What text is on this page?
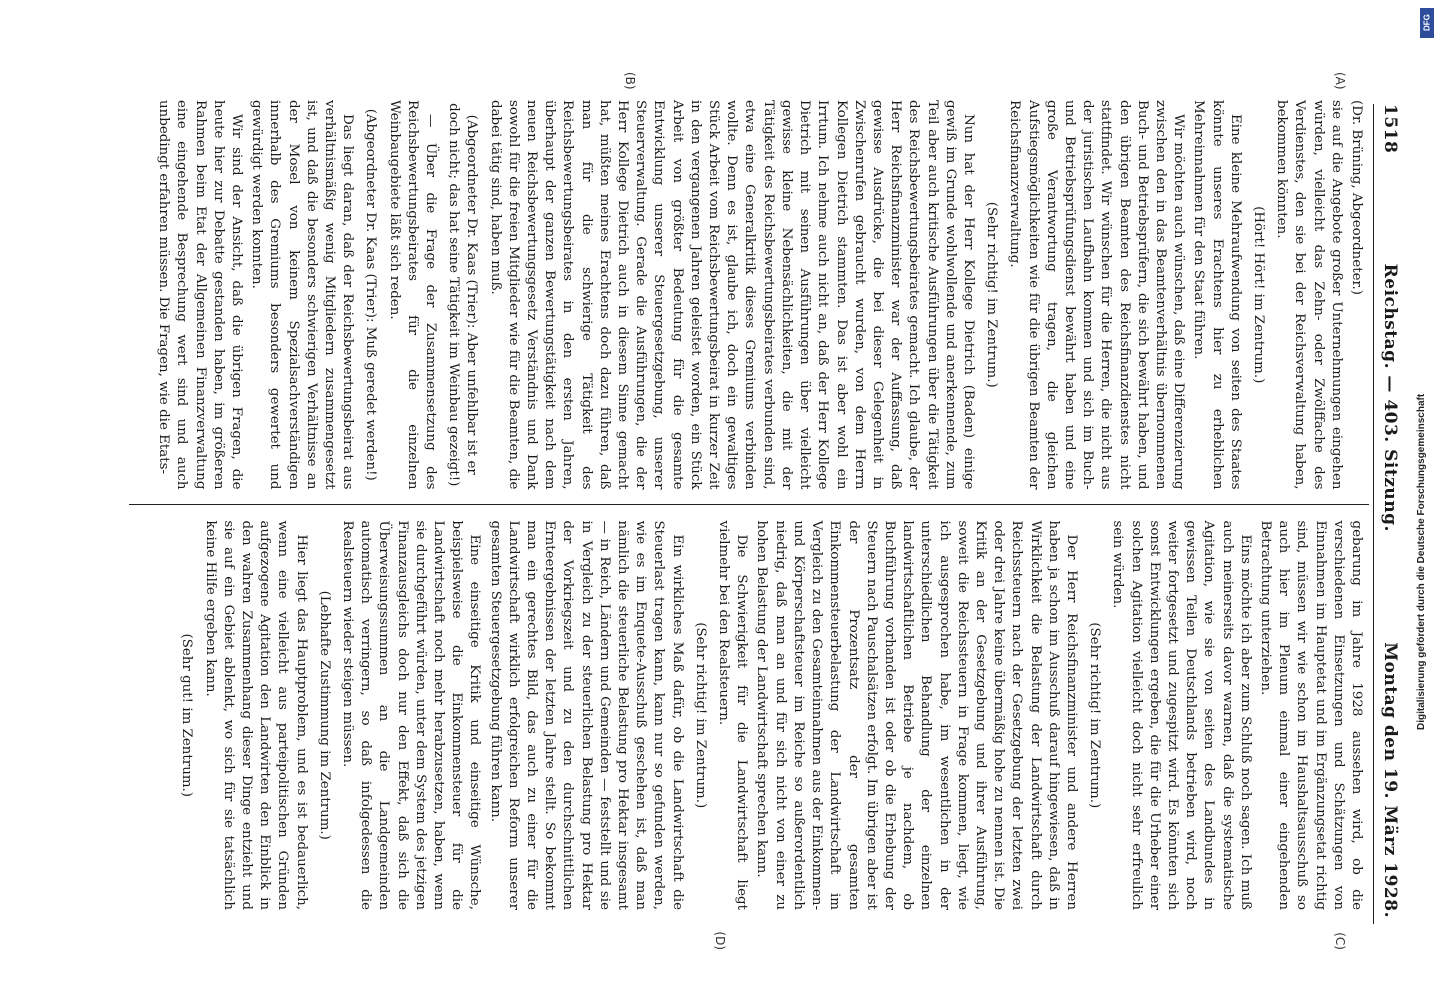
1518
Reichstag. — 403. Sitzung.
Montag den 19. März 1928.
(A)
(B)

(Dr. Brüning, Abgeordneter.)

sie auf die Angebote großer Unternehmungen eingehen würden, vielleicht das Zehn- oder Zwölffache des Verdienstes, den sie bei der Reichsverwaltung haben, bekommen könnten.

(Hört! Hört! im Zentrum.)

Eine kleine Mehraufwendung von seiten des Staates könnte unseres Erachtens hier zu erheblichen Mehreinnahmen für den Staat führen.

Wir möchten auch wünschen, daß eine Differenzierung zwischen den in das Beamtenverhältnis übernommenen Buch- und Betriebsprüfern, die sich bewährt haben, und den übrigen Beamten des Reichsfinanzdienstes nicht stattfindet. Wir wünschen für die Herren, die nicht aus der juristischen Laufbahn kommen und sich im Buch- und Betriebsprüfungsdienst bewährt haben und eine große Verantwortung tragen, die gleichen Aufstiegsmöglichkeiten wie für die übrigen Beamten der Reichsfinanzverwaltung.

(Sehr richtig! im Zentrum.)

Nun hat der Herr Kollege Dietrich (Baden) einige gewiß im Grunde wohlwollende und anerkennende, zum Teil aber auch kritische Ausführungen über die Tätigkeit des Reichsbewertungsbeirates gemacht. Ich glaube, der Herr Reichsfinanzminister war der Auffassung, daß gewisse Ausdrücke, die bei dieser Gelegenheit in Zwischenrufen gebraucht wurden, von dem Herrn Kollegen Dietrich stammten. Das ist aber wohl ein Irrtum. Ich nehme auch nicht an, daß der Herr Kollege Dietrich mit seinen Ausführungen über vielleicht gewisse kleine Nebensächlichkeiten, die mit der Tätigkeit des Reichsbewertungsbeirates verbunden sind, etwa eine Generalkritik dieses Gremiums verbinden wollte. Denn es ist, glaube ich, doch ein gewaltiges Stück Arbeit vom Reichsbewertungsbeirat in kurzer Zeit in den vergangenen Jahren geleistet worden, ein Stück Arbeit von größter Bedeutung für die gesamte Entwicklung unserer Steuergesetzgebung, unserer Steuerverwaltung. Gerade die Ausführungen, die der Herr Kollege Dietrich auch in diesem Sinne gemacht hat, müßten meines Erachtens doch dazu führen, daß man für die schwierige Tätigkeit des Reichsbewertungsbeirates in den ersten Jahren, überhaupt der ganzen Bewertungstätigkeit nach dem neuen Reichsbewertungsgesetz Verständnis und Dank sowohl für die freien Mitglieder wie für die Beamten, die dabei tätig sind, haben muß.

(Abgeordneter Dr. Kaas (Trier): Aber unfehlbar ist er doch nicht; das hat seine Tätigkeit im Weinbau gezeigt!)

— Über die Frage der Zusammensetzung des Reichsbewertungsbeirates für die einzelnen Weinbaugebiete läßt sich reden.

(Abgeordneter Dr. Kaas (Trier): Muß geredet werden!)

Das liegt daran, daß der Reichsbewertungsbeirat aus verhältnismäßig wenig Mitgliedern zusammengesetzt ist, und daß die besonders schwierigen Verhältnisse an der Mosel von keinem Spezialsachverständigen innerhalb des Gremiums besonders gewertet und gewürdigt werden konnten.

Wir sind der Ansicht, daß die übrigen Fragen, die heute hier zur Debatte gestanden haben, im größeren Rahmen beim Etat der Allgemeinen Finanzverwaltung eine eingehende Besprechung wert sind und auch unbedingt erfahren müssen. Die Fragen, wie die Etats-

(C)
(D)

gebarung im Jahre 1928 aussehen wird, ob die verschiedenen Einsetzungen und Schätzungen von Einnahmen im Hauptetat und im Ergänzungsetat richtig sind, müssen wir wie schon im Haushaltsausschuß so auch hier im Plenum einmal einer eingehenden Betrachtung unterziehen.

Eins möchte ich aber zum Schluß noch sagen. Ich muß auch meinerseits davor warnen, daß die systematische Agitation, wie sie von seiten des Landbundes in gewissen Teilen Deutschlands betrieben wird, noch weiter fortgesetzt und zugespitzt wird. Es könnten sich sonst Entwicklungen ergeben, die für die Urheber einer solchen Agitation vielleicht doch nicht sehr erfreulich sein würden.

(Sehr richtig! im Zentrum.)

Der Herr Reichsfinanzminister und andere Herren haben ja schon im Ausschuß darauf hingewiesen, daß in Wirklichkeit die Belastung der Landwirtschaft durch Reichssteuern nach der Gesetzgebung der letzten zwei oder drei Jahre keine übermäßig hohe zu nennen ist. Die Kritik an der Gesetzgebung und ihrer Ausführung, soweit die Reichssteuern in Frage kommen, liegt, wie ich ausgesprochen habe, im wesentlichen in der unterschiedlichen Behandlung der einzelnen landwirtschaftlichen Betriebe je nachdem, ob Buchführung vorhanden ist oder ob die Erhebung der Steuern nach Pauschalsätzen erfolgt. Im übrigen aber ist der Prozentsatz der gesamten Einkommensteuerbelastung der Landwirtschaft im Vergleich zu den Gesamteinnahmen aus der Einkommen- und Körperschaftsteuer im Reiche so außerordentlich niedrig, daß man an und für sich nicht von einer zu hohen Belastung der Landwirtschaft sprechen kann.

Die Schwierigkeit für die Landwirtschaft liegt vielmehr bei den Realsteuern.

(Sehr richtig! im Zentrum.)

Ein wirkliches Maß dafür, ob die Landwirtschaft die Steuerlast tragen kann, kann nur so gefunden werden, wie es im Enquete-Ausschuß geschehen ist, daß man nämlich die steuerliche Belastung pro Hektar insgesamt — in Reich, Ländern und Gemeinden — feststellt und sie in Vergleich zu der steuerlichen Belastung pro Hektar der Vorkriegszeit und zu den durchschnittlichen Ernteergebnissen der letzten Jahre stellt. So bekommt man ein gerechtes Bild, das auch zu einer für die Landwirtschaft wirklich erfolgreichen Reform unserer gesamten Steuergesetzgebung führen kann.

Eine einseitige Kritik und einseitige Wünsche, beispielsweise die Einkommensteuer für die Landwirtschaft noch mehr herabzusetzen, haben, wenn sie durchgeführt würden, unter dem System des jetzigen Finanzausgleichs doch nur den Effekt, daß sich die Überweisungssummen an die Landgemeinden automatisch verringern, so daß infolgedessen die Realsteuern wieder steigen müssen.

(Lebhafte Zustimmung im Zentrum.)

Hier liegt das Hauptproblem, und es ist bedauerlich, wenn eine vielleicht aus parteipolitischen Gründen aufgezogene Agitation den Landwirten den Einblick in den wahren Zusammenhang dieser Dinge entzieht und sie auf ein Gebiet ablenkt, wo sich für sie tatsächlich keine Hilfe ergeben kann.

(Sehr gut! im Zentrum.)

DFG
Digitalisierung gefördert durch die Deutsche Forschungsgemeinschaft
